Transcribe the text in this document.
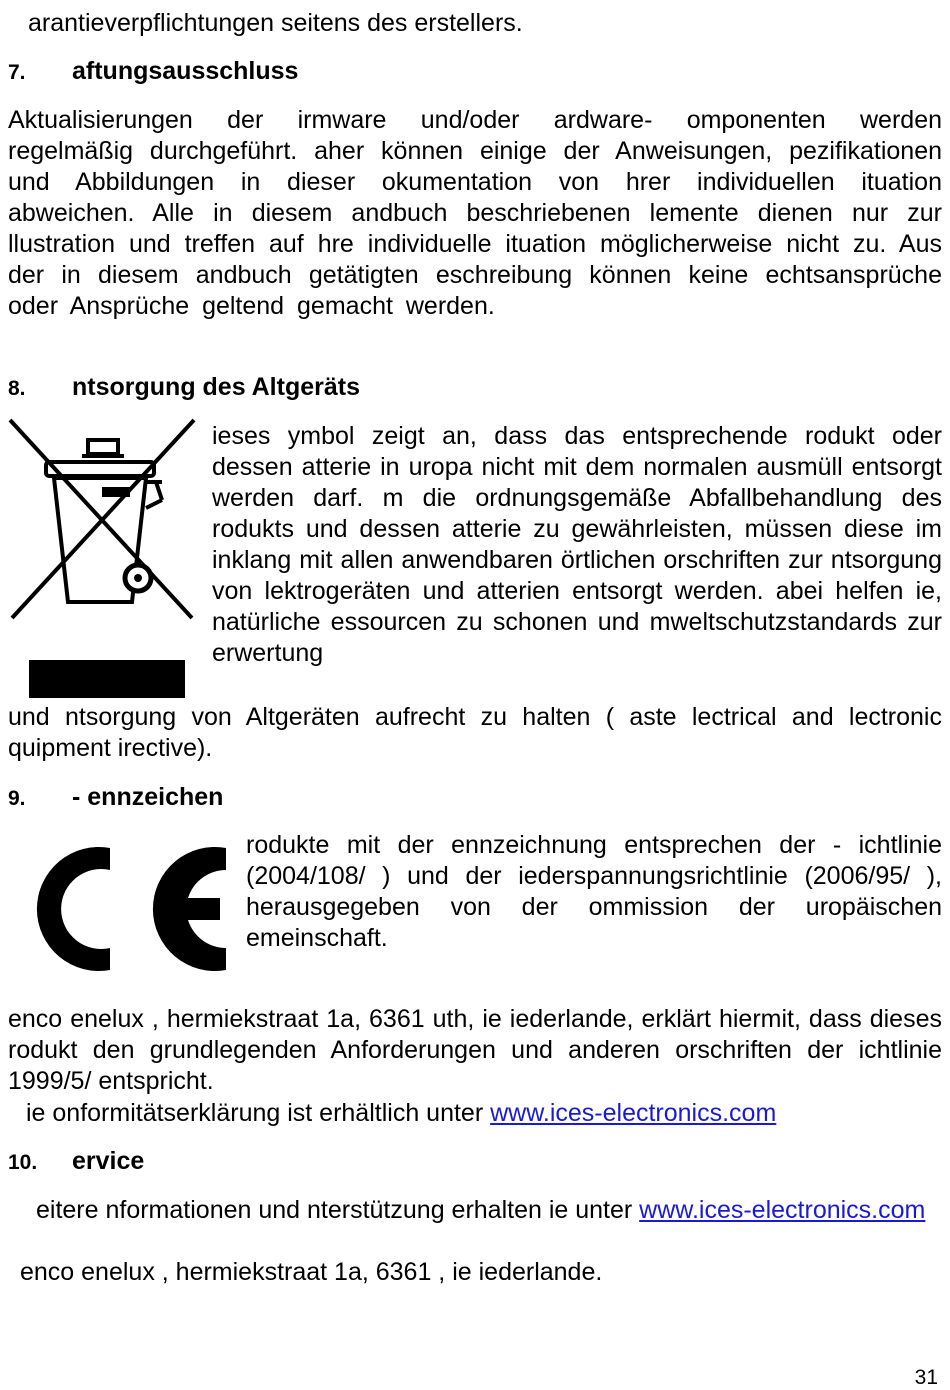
arantieverpflichtungen seitens des erstellers.

7. aftungsausschluss

Aktualisierungen der irmware und/oder ardware- omponenten werden regelmäßig durchgeführt. aher können einige der Anweisungen, pezifikationen und Abbildungen in dieser okumentation von hrer individuellen ituation abweichen. Alle in diesem andbuch beschriebenen lemente dienen nur zur llustration und treffen auf hre individuelle ituation möglicherweise nicht zu. Aus der in diesem andbuch getätigten eschreibung können keine echtsansprüche oder Ansprüche geltend gemacht werden.

8. ntsorgung des Altgeräts

ieses ymbol zeigt an, dass das entsprechende rodukt oder dessen atterie in uropa nicht mit dem normalen ausmüll entsorgt werden darf. m die ordnungsgemäße Abfallbehandlung des rodukts und dessen atterie zu gewährleisten, müssen diese im inklang mit allen anwendbaren örtlichen orschriften zur ntsorgung von lektrogeräten und atterien entsorgt werden. abei helfen ie, natürliche essourcen zu schonen und mweltschutzstandards zur erwertung

und ntsorgung von Altgeräten aufrecht zu halten ( aste lectrical and lectronic quipment irective).

9. - ennzeichen

rodukte mit der ennzeichnung entsprechen der - ichtlinie (2004/108/ ) und der iederspannungsrichtlinie (2006/95/ ), herausgegeben von der ommission der uropäischen emeinschaft.

enco enelux , hermiekstraat 1a, 6361 uth, ie iederlande, erklärt hiermit, dass dieses rodukt den grundlegenden Anforderungen und anderen orschriften der ichtlinie 1999/5/ entspricht.

ie onformitätserklärung ist erhältlich unter www.ices-electronics.com

10. ervice

eitere nformationen und nterstützung erhalten ie unter www.ices-electronics.com

enco enelux , hermiekstraat 1a, 6361 , ie iederlande.

31
